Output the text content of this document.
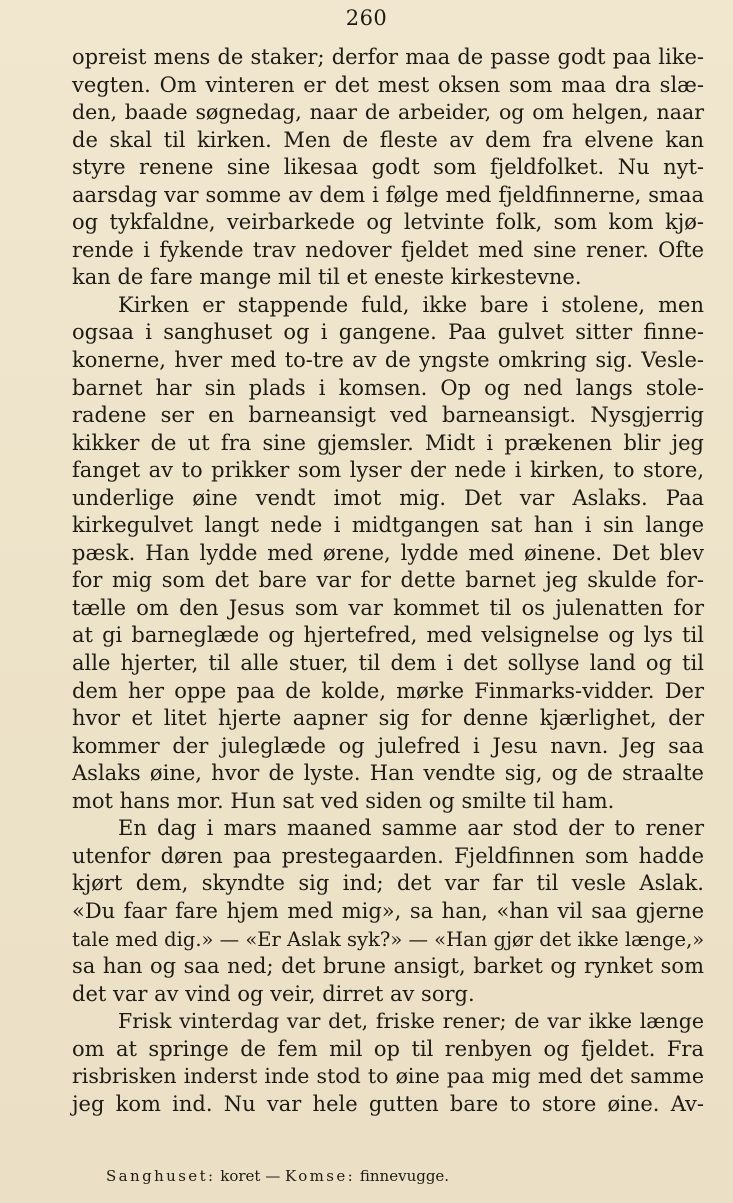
260
opreist mens de staker; derfor maa de passe godt paa like-
vegten. Om vinteren er det mest oksen som maa dra slæ-
den, baade søgnedag, naar de arbeider, og om helgen, naar
de skal til kirken. Men de fleste av dem fra elvene kan
styre renene sine likesaa godt som fjeldfolket. Nu nyt-
aarsdag var somme av dem i følge med fjeldfinnerne, smaa
og tykfaldne, veirbarkede og letvinte folk, som kom kjø-
rende i fykende trav nedover fjeldet med sine rener. Ofte
kan de fare mange mil til et eneste kirkestevne.
Kirken er stappende fuld, ikke bare i stolene, men
ogsaa i sanghuset og i gangene. Paa gulvet sitter finne-
konerne, hver med to-tre av de yngste omkring sig. Vesle-
barnet har sin plads i komsen. Op og ned langs stole-
radene ser en barneansigt ved barneansigt. Nysgjerrig
kikker de ut fra sine gjemsler. Midt i prækenen blir jeg
fanget av to prikker som lyser der nede i kirken, to store,
underlige øine vendt imot mig. Det var Aslaks. Paa
kirkegulvet langt nede i midtgangen sat han i sin lange
pæsk. Han lydde med ørene, lydde med øinene. Det blev
for mig som det bare var for dette barnet jeg skulde for-
tælle om den Jesus som var kommet til os julenatten for
at gi barneglæde og hjertefred, med velsignelse og lys til
alle hjerter, til alle stuer, til dem i det sollyse land og til
dem her oppe paa de kolde, mørke Finmarks-vidder. Der
hvor et litet hjerte aapner sig for denne kjærlighet, der
kommer der juleglæde og julefred i Jesu navn. Jeg saa
Aslaks øine, hvor de lyste. Han vendte sig, og de straalte
mot hans mor. Hun sat ved siden og smilte til ham.
En dag i mars maaned samme aar stod der to rener
utenfor døren paa prestegaarden. Fjeldfinnen som hadde
kjørt dem, skyndte sig ind; det var far til vesle Aslak.
«Du faar fare hjem med mig», sa han, «han vil saa gjerne
tale med dig.» — «Er Aslak syk?» — «Han gjør det ikke længe,»
sa han og saa ned; det brune ansigt, barket og rynket som
det var av vind og veir, dirret av sorg.
Frisk vinterdag var det, friske rener; de var ikke længe
om at springe de fem mil op til renbyen og fjeldet. Fra
risbrisken inderst inde stod to øine paa mig med det samme
jeg kom ind. Nu var hele gutten bare to store øine. Av-
Sanghuset: koret — Komse: finnevugge.
